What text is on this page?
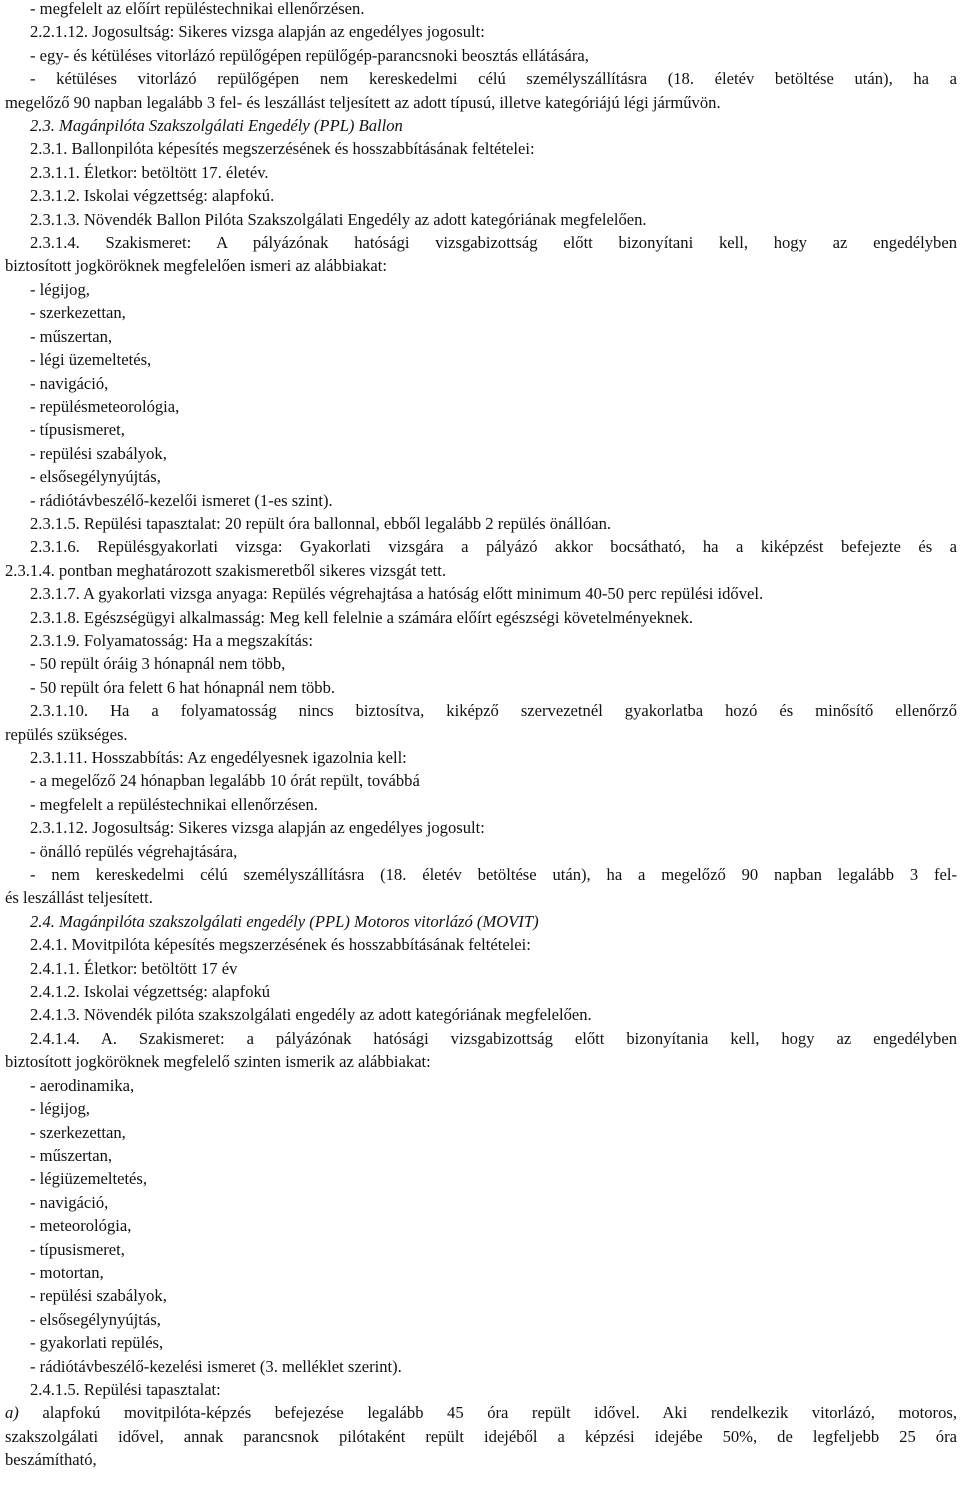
- megfelelt az előírt repüléstechnikai ellenőrzésen.

2.2.1.12. Jogosultság: Sikeres vizsga alapján az engedélyes jogosult:

- egy- és kétüléses vitorlázó repülőgépen repülőgép-parancsnoki beosztás ellátására,

- kétüléses vitorlázó repülőgépen nem kereskedelmi célú személyszállításra (18. életév betöltése után), ha a

megelőző 90 napban legalább 3 fel- és leszállást teljesített az adott típusú, illetve kategóriájú légi járművön.

2.3. Magánpilóta Szakszolgálati Engedély (PPL) Ballon

2.3.1. Ballonpilóta képesítés megszerzésének és hosszabbításának feltételei:

2.3.1.1. Életkor: betöltött 17. életév.

2.3.1.2. Iskolai végzettség: alapfokú.

2.3.1.3. Növendék Ballon Pilóta Szakszolgálati Engedély az adott kategóriának megfelelően.

2.3.1.4. Szakismeret: A pályázónak hatósági vizsgabizottság előtt bizonyítani kell, hogy az engedélyben

biztosított jogköröknek megfelelően ismeri az alábbiakat:

- légijog,

- szerkezettan,

- műszertan,

- légi üzemeltetés,

- navigáció,

- repülésmeteorológia,

- típusismeret,

- repülési szabályok,

- elsősegélynyújtás,

- rádiótávbeszélő-kezelői ismeret (1-es szint).

2.3.1.5. Repülési tapasztalat: 20 repült óra ballonnal, ebből legalább 2 repülés önállóan.

2.3.1.6. Repülésgyakorlati vizsga: Gyakorlati vizsgára a pályázó akkor bocsátható, ha a kiképzést befejezte és a

2.3.1.4. pontban meghatározott szakismeretből sikeres vizsgát tett.

2.3.1.7. A gyakorlati vizsga anyaga: Repülés végrehajtása a hatóság előtt minimum 40-50 perc repülési idővel.

2.3.1.8. Egészségügyi alkalmasság: Meg kell felelnie a számára előírt egészségi követelményeknek.

2.3.1.9. Folyamatosság: Ha a megszakítás:

- 50 repült óráig 3 hónapnál nem több,

- 50 repült óra felett 6 hat hónapnál nem több.

2.3.1.10. Ha a folyamatosság nincs biztosítva, kiképző szervezetnél gyakorlatba hozó és minősítő ellenőrző

repülés szükséges.

2.3.1.11. Hosszabbítás: Az engedélyesnek igazolnia kell:

- a megelőző 24 hónapban legalább 10 órát repült, továbbá

- megfelelt a repüléstechnikai ellenőrzésen.

2.3.1.12. Jogosultság: Sikeres vizsga alapján az engedélyes jogosult:

- önálló repülés végrehajtására,

- nem kereskedelmi célú személyszállításra (18. életév betöltése után), ha a megelőző 90 napban legalább 3 fel-

és leszállást teljesített.

2.4. Magánpilóta szakszolgálati engedély (PPL) Motoros vitorlázó (MOVIT)

2.4.1. Movitpilóta képesítés megszerzésének és hosszabbításának feltételei:

2.4.1.1. Életkor: betöltött 17 év

2.4.1.2. Iskolai végzettség: alapfokú

2.4.1.3. Növendék pilóta szakszolgálati engedély az adott kategóriának megfelelően.

2.4.1.4. A. Szakismeret: a pályázónak hatósági vizsgabizottság előtt bizonyítania kell, hogy az engedélyben

biztosított jogköröknek megfelelő szinten ismerik az alábbiakat:

- aerodinamika,

- légijog,

- szerkezettan,

- műszertan,

- légiüzemeltetés,

- navigáció,

- meteorológia,

- típusismeret,

- motortan,

- repülési szabályok,

- elsősegélynyújtás,

- gyakorlati repülés,

- rádiótávbeszélő-kezelési ismeret (3. melléklet szerint).

2.4.1.5. Repülési tapasztalat:

a) alapfokú movitpilóta-képzés befejezése legalább 45 óra repült idővel. Aki rendelkezik vitorlázó, motoros,

szakszolgálati idővel, annak parancsnok pilótaként repült idejéből a képzési idejébe 50%, de legfeljebb 25 óra

beszámítható,
